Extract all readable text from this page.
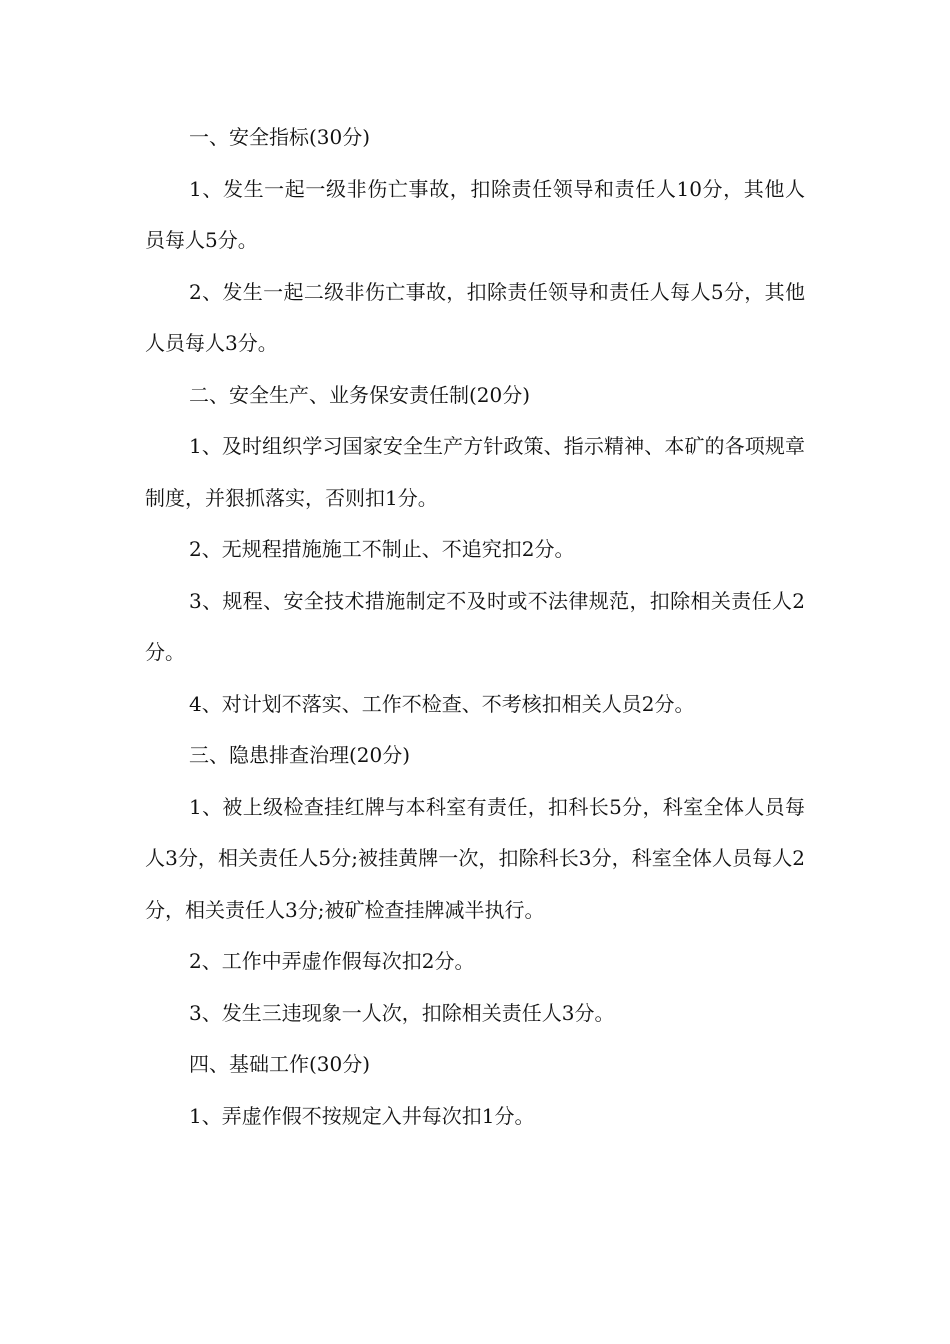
一、安全指标(30分)

1、发生一起一级非伤亡事故，扣除责任领导和责任人10分，其他人员每人5分。

2、发生一起二级非伤亡事故，扣除责任领导和责任人每人5分，其他人员每人3分。

二、安全生产、业务保安责任制(20分)

1、及时组织学习国家安全生产方针政策、指示精神、本矿的各项规章制度，并狠抓落实，否则扣1分。

2、无规程措施施工不制止、不追究扣2分。

3、规程、安全技术措施制定不及时或不法律规范，扣除相关责任人2分。

4、对计划不落实、工作不检查、不考核扣相关人员2分。

三、隐患排查治理(20分)

1、被上级检查挂红牌与本科室有责任，扣科长5分，科室全体人员每人3分，相关责任人5分;被挂黄牌一次，扣除科长3分，科室全体人员每人2分，相关责任人3分;被矿检查挂牌减半执行。

2、工作中弄虚作假每次扣2分。

3、发生三违现象一人次，扣除相关责任人3分。

四、基础工作(30分)

1、弄虚作假不按规定入井每次扣1分。
